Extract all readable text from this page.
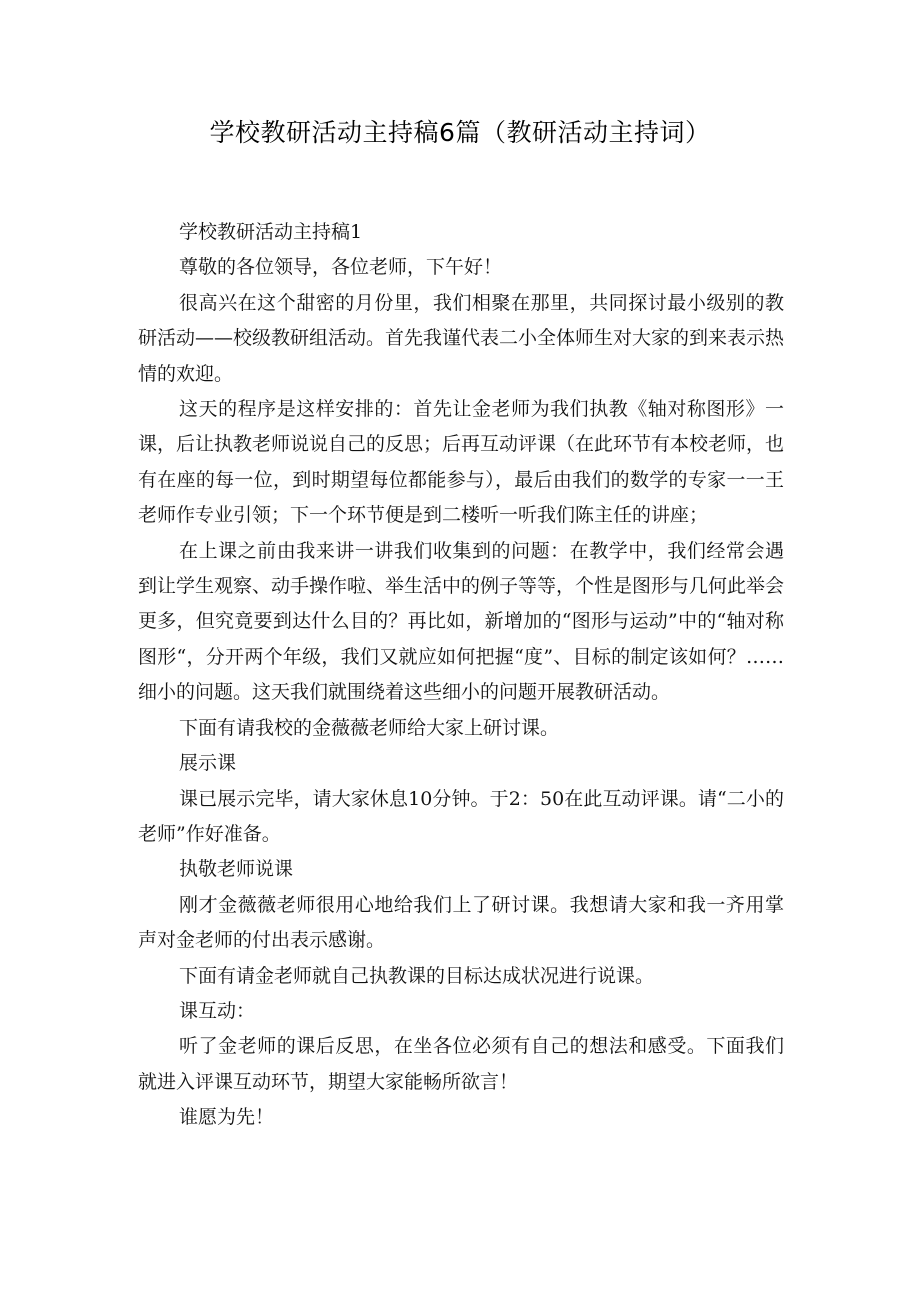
学校教研活动主持稿6篇（教研活动主持词）

学校教研活动主持稿1

尊敬的各位领导，各位老师，下午好！

很高兴在这个甜密的月份里，我们相聚在那里，共同探讨最小级别的教研活动——校级教研组活动。首先我谨代表二小全体师生对大家的到来表示热情的欢迎。

这天的程序是这样安排的：首先让金老师为我们执教《轴对称图形》一课，后让执教老师说说自己的反思；后再互动评课（在此环节有本校老师，也有在座的每一位，到时期望每位都能参与），最后由我们的数学的专家一一王老师作专业引领；下一个环节便是到二楼听一听我们陈主任的讲座；

在上课之前由我来讲一讲我们收集到的问题：在教学中，我们经常会遇到让学生观察、动手操作啦、举生活中的例子等等，个性是图形与几何此举会更多，但究竟要到达什么目的？再比如，新增加的“图形与运动”中的“轴对称图形“，分开两个年级，我们又就应如何把握“度”、目标的制定该如何？……细小的问题。这天我们就围绕着这些细小的问题开展教研活动。

下面有请我校的金薇薇老师给大家上研讨课。

展示课

课已展示完毕，请大家休息10分钟。于2：50在此互动评课。请“二小的老师”作好准备。

执敬老师说课

刚才金薇薇老师很用心地给我们上了研讨课。我想请大家和我一齐用掌声对金老师的付出表示感谢。

下面有请金老师就自己执教课的目标达成状况进行说课。

课互动：

听了金老师的课后反思，在坐各位必须有自己的想法和感受。下面我们就进入评课互动环节，期望大家能畅所欲言！

谁愿为先！
